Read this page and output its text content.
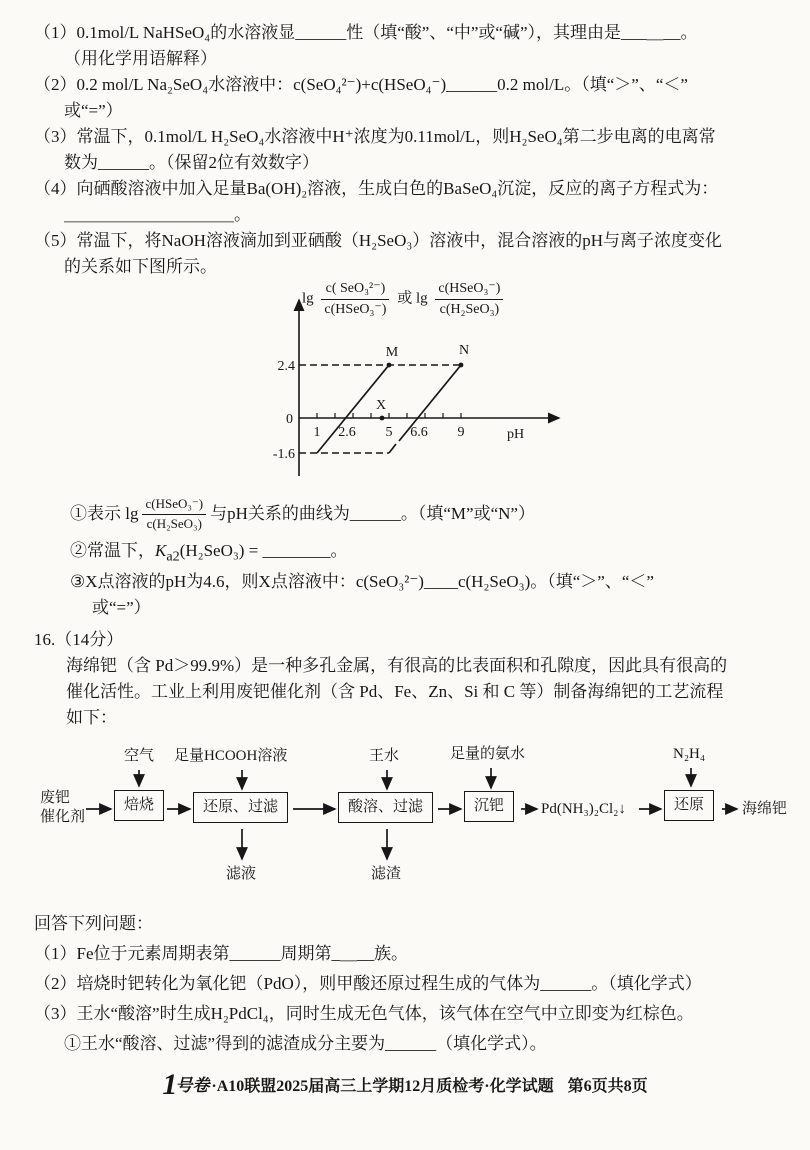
（1）0.1mol/L NaHSeO₄的水溶液显______性（填“酸”、“中”或“碱”），其理由是___＿__。
（用化学用语解释）
（2）0.2 mol/L Na₂SeO₄水溶液中：c(SeO₄²⁻)+c(HSeO₄⁻)______0.2 mol/L。（填“＞”、“＜”
或“=”）
（3）常温下，0.1mol/L H₂SeO₄水溶液中H⁺浓度为0.11mol/L，则H₂SeO₄第二步电离的电离常
数为______。（保留2位有效数字）
（4）向硒酸溶液中加入足量Ba(OH)₂溶液，生成白色的BaSeO₄沉淀，反应的离子方程式为：
＿＿＿＿＿＿＿＿＿＿。
（5）常温下，将NaOH溶液滴加到亚硒酸（H₂SeO₃）溶液中，混合溶液的pH与离子浓度变化
的关系如下图所示。
$\lg \frac{\text{c( SeO₃²⁻)}}{\text{c(HSeO₃⁻)}}$ 或 $\lg \frac{\text{c(HSeO₃⁻)}}{\text{c(H₂SeO₃)}}$
2.4
0
-1.6
1 2.6 5 6.6 9	pH
M	N
X
①表示 $\lg \frac{\text{c(HSeO₃⁻)}}{\text{c(H₂SeO₃)}}$ 与pH关系的曲线为______。（填“M”或“N”）
②常温下，$K_{a2}(H_2SeO_3)$ = ________。
③X点溶液的pH为4.6，则X点溶液中：c(SeO₃²⁻)____c(H₂SeO₃)。（填“＞”、“＜”
或“=”）
16.（14分）
海绵钯（含 Pd＞99.9%）是一种多孔金属，有很高的比表面积和孔隙度，因此具有很高的
催化活性。工业上利用废钯催化剂（含 Pd、Fe、Zn、Si 和 C 等）制备海绵钯的工艺流程
如下：
废钯
催化剂
焙烧	还原、过滤	酸溶、过滤	沉钯	Pd(NH₃)₂Cl₂↓	还原	海绵钯
空气 足量HCOOH溶液	王水	足量的氨水	N₂H₄
滤液	滤渣
回答下列问题：
（1）Fe位于元素周期表第______周期第_＿__族。
（2）培烧时钯转化为氧化钯（PdO），则甲酸还原过程生成的气体为______。（填化学式）
（3）王水“酸溶”时生成H₂PdCl₄，同时生成无色气体，该气体在空气中立即变为红棕色。
①王水“酸溶、过滤”得到的滤渣成分主要为______（填化学式）。
1号卷 ·A10联盟2025届高三上学期12月质检考·化学试题 第6页共8页
